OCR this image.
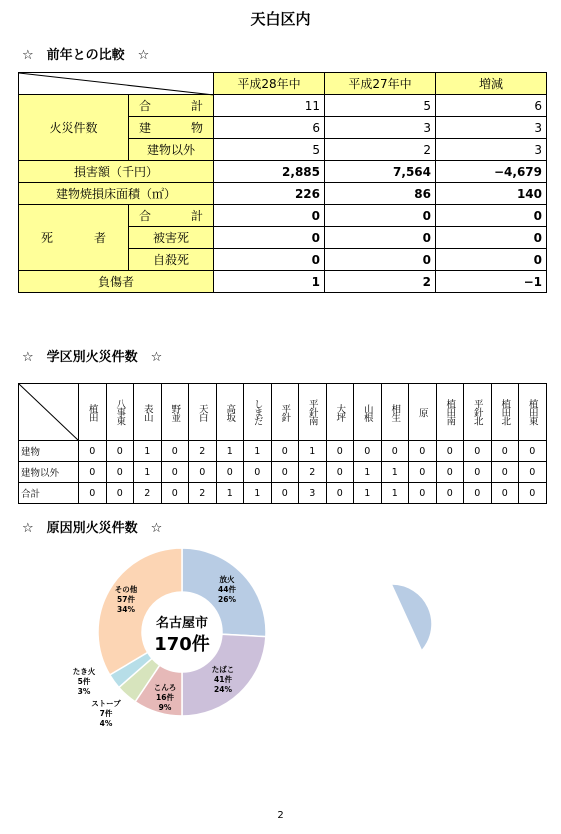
天白区内
☆　前年との比較　☆
	平成28年中	平成27年中	増減
火災件数	合 計	11	5	6

	建 物	6	3	3
	建物以外	5	2	3
損害額（千円）		2,885	7,564	−4,679
建物焼損床面積（㎡）		226	86	140

死 者	合 計	0	0	0
	被害死	0	0	0
	自殺死	0	0	0
負傷者		1	2	−1
☆　学区別火災件数　☆

植田	八事東	表山	野並	天白	高坂	しまだ	平針	平針南	大坪	山根	相生	原	植田南	平針北	植田北	植田東

建物	0	0	1	0	2	1	1	0	1	0	0	0	0	0	0	0	0
建物以外	0	0	1	0	0	0	0	0	2	0	1	1	0	0	0	0	0
合計	0	0	2	0	2	1	1	0	3	0	1	1	0	0	0	0	0
☆　原因別火災件数　☆
放火
44件
26%
たばこ
41件
24%
こんろ
16件
9%
ストーブ
7件
4%
たき火
5件
3%
その他
57件
34%
名古屋市
170件
2
